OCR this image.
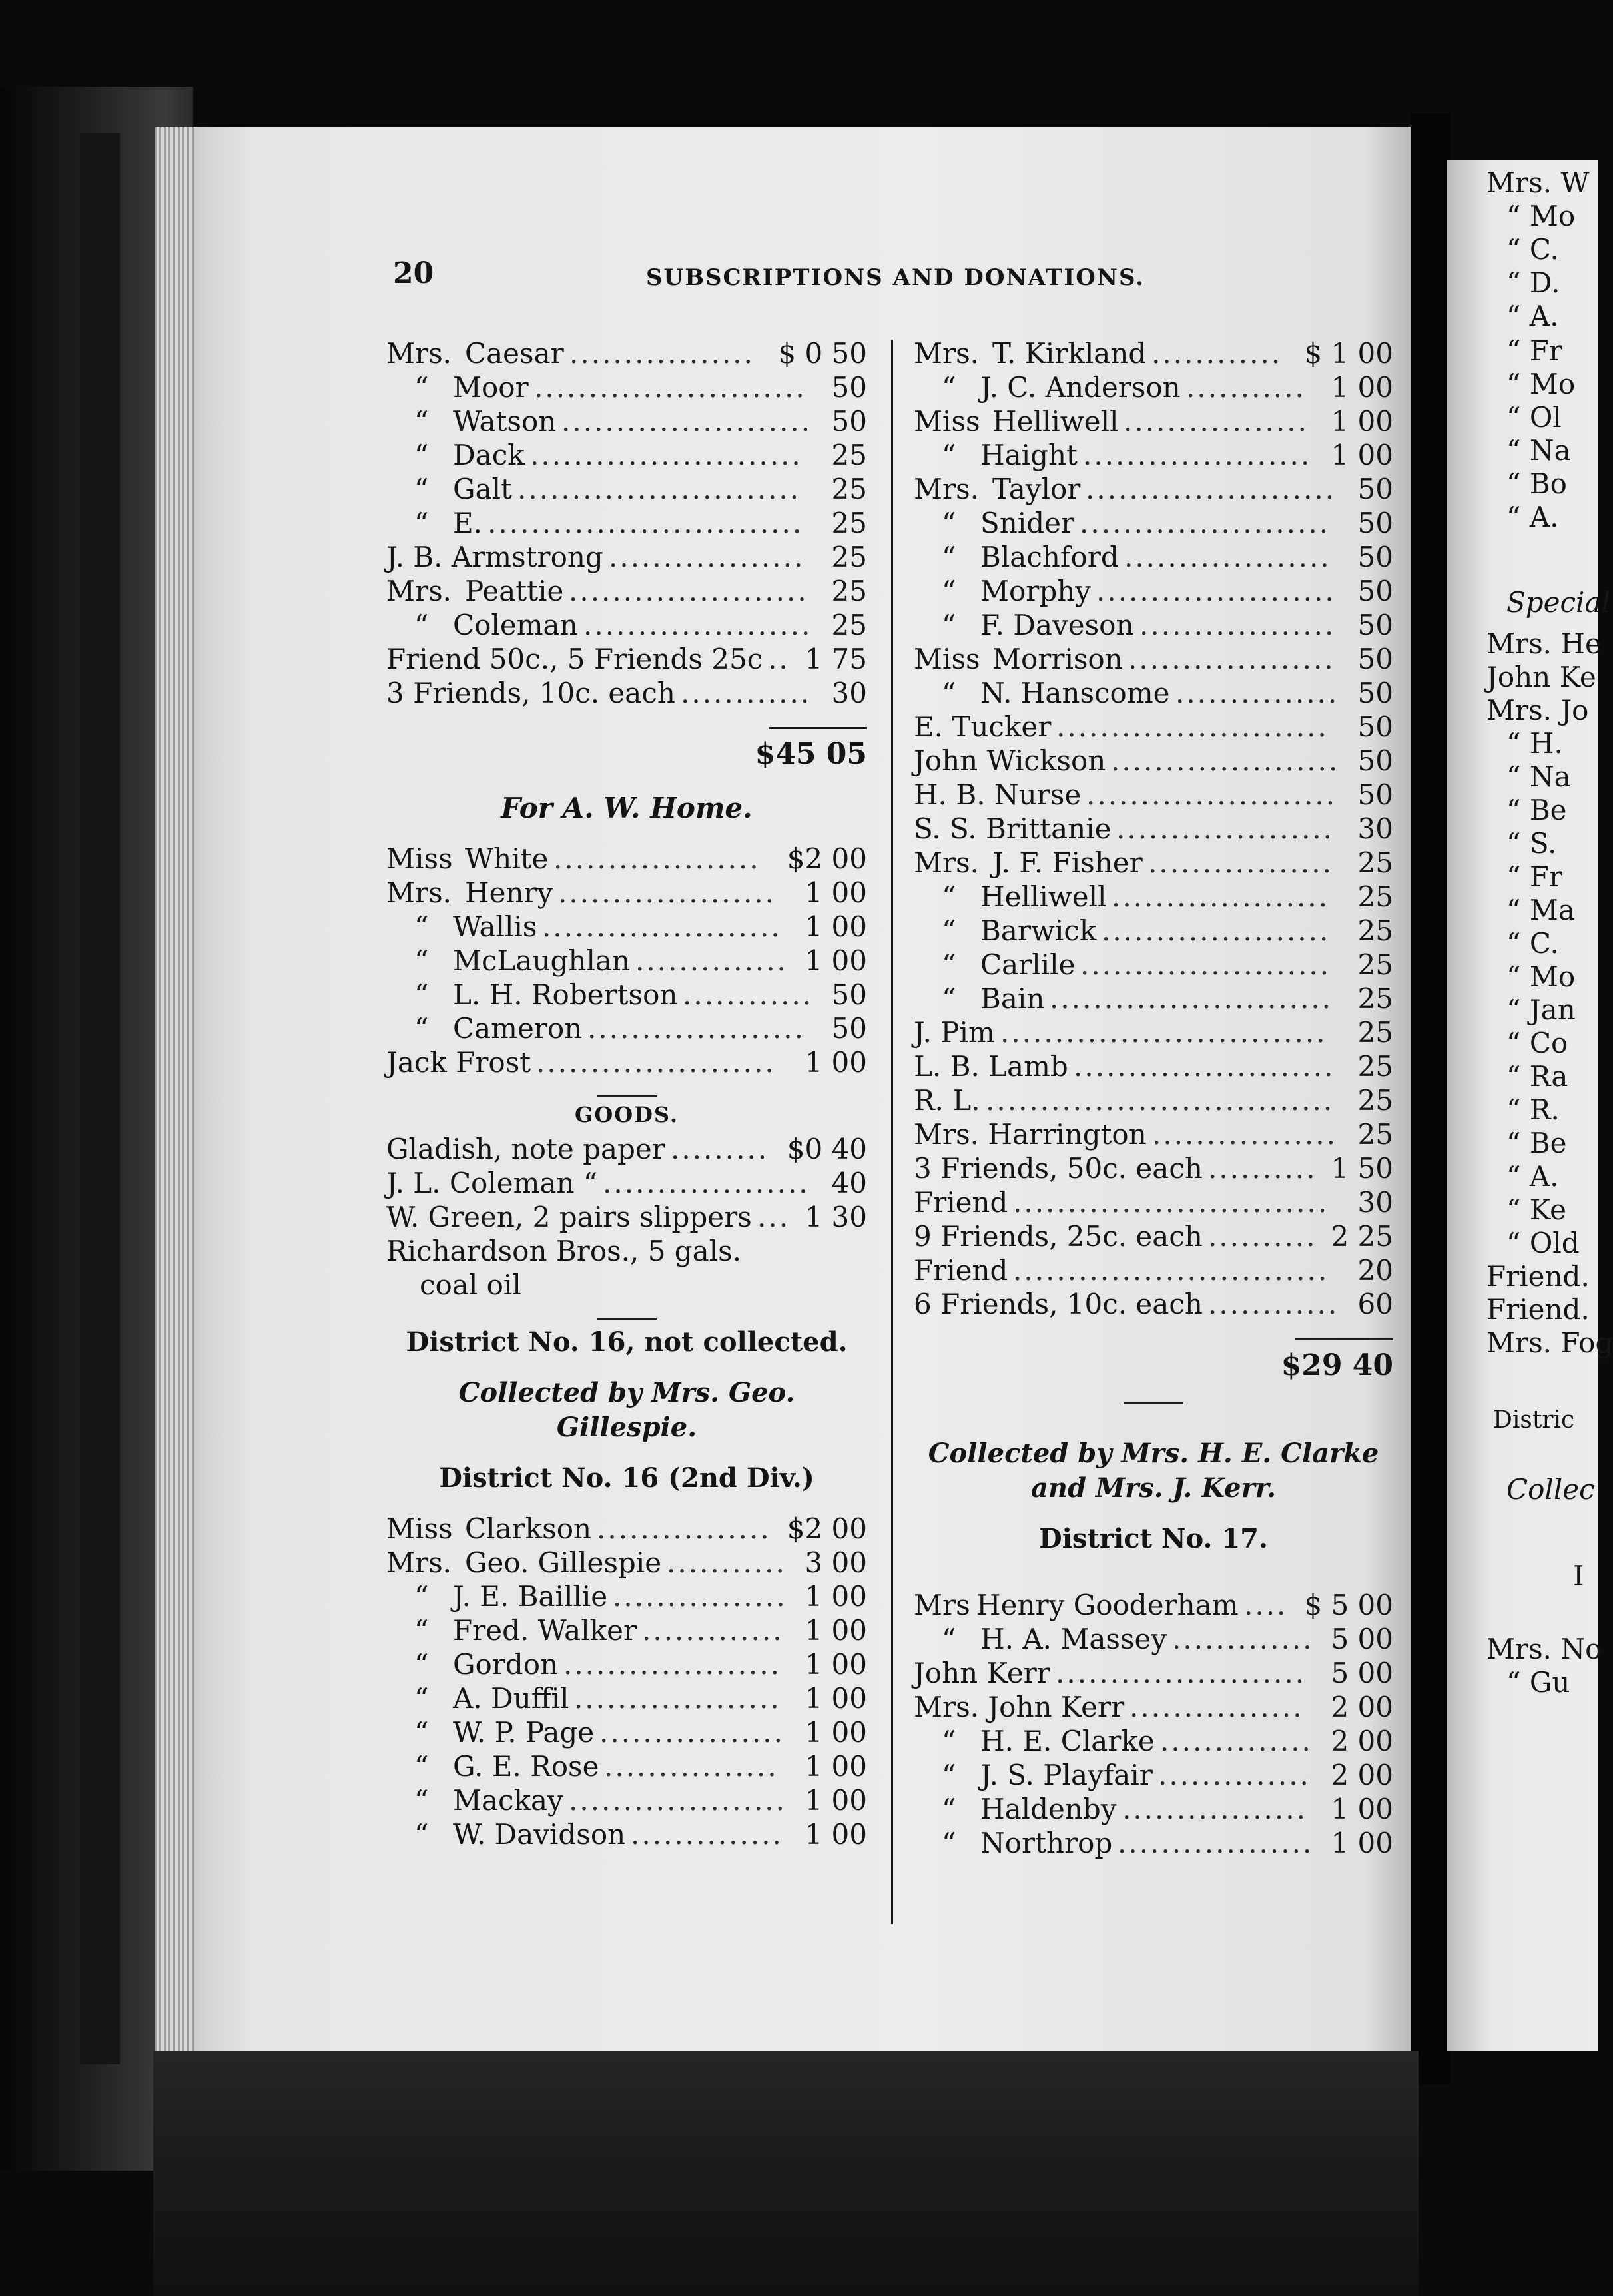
Mrs. W
“ Mo
“ C.
“ D.
“ A.
“ Fr
“ Mo
“ Ol
“ Na
“ Bo
“ A.
Special
Mrs. He
John Ke
Mrs. Jo
“ H.
“ Na
“ Be
“ S.
“ Fr
“ Ma
“ C.
“ Mo
“ Jan
“ Co
“ Ra
“ R.
“ Be
“ A.
“ Ke
“ Old
Friend.
Friend.
Mrs. Fog
Distric
Collec
I
Mrs. No
“ Gu
20	SUBSCRIPTIONS AND DONATIONS.
Mrs. Caesar	$ 0 50
.................
“ Moor	50
.........................
“ Watson	50
.......................
“ Dack	25
.........................
“ Galt	25
..........................
“ E.	25
.............................
J. B. Armstrong	25
..................
Mrs. Peattie	25
......................
“ Coleman	25
.....................
Friend 50c., 5 Friends 25c 1 75
..
3 Friends, 10c. each	30
............
$45 05
For A. W. Home.
Miss White	$2 00
...................
Mrs. Henry	1 00
....................
“ Wallis	1 00
......................
“ McLaughlan	1 00
..............
“ L. H. Robertson	50
............
“ Cameron	50
....................
Jack Frost	1 00
......................
GOODS.
Gladish, note paper	$0 40
.........
J. L. Coleman “	40
...................
W. Green, 2 pairs slippers 1 30
...
Richardson Bros., 5 gals.
coal oil
District No. 16, not collected.
Collected by Mrs. Geo. Gillespie.
District No. 16 (2nd Div.)
Miss Clarkson	$2 00
................
Mrs. Geo. Gillespie	3 00
...........
“ J. E. Baillie	1 00
................
“ Fred. Walker	1 00
.............
“ Gordon	1 00
....................
“ A. Duffil	1 00
...................
“ W. P. Page	1 00
.................
“ G. E. Rose	1 00
................
“ Mackay	1 00
....................
“ W. Davidson	1 00
..............
Mrs. T. Kirkland	$ 1 00
............
“ J. C. Anderson	1 00
...........
Miss Helliwell	1 00
.................
“ Haight	1 00
.....................
Mrs. Taylor	50
.......................
“ Snider	50
.......................
“ Blachford	50
...................
“ Morphy	50
......................
“ F. Daveson	50
..................
Miss Morrison	50
...................
“ N. Hanscome	50
...............
E. Tucker	50
.........................
John Wickson	50
.....................
H. B. Nurse	50
.......................
S. S. Brittanie	30
....................
Mrs. J. F. Fisher	25
.................
“ Helliwell	25
....................
“ Barwick	25
.....................
“ Carlile	25
.......................
“ Bain	25
..........................
J. Pim	25
..............................
L. B. Lamb	25
........................
R. L.	25
................................
Mrs. Harrington	25
.................
3 Friends, 50c. each	1 50
..........
Friend	30
.............................
9 Friends, 25c. each	2 25
..........
Friend	20
.............................
6 Friends, 10c. each	60
............
$29 40
Collected by Mrs. H. E. Clarke
and Mrs. J. Kerr.
District No. 17.
Mrs Henry Gooderham $ 5 00
....
“ H. A. Massey	5 00
.............
John Kerr	5 00
.......................
Mrs. John Kerr	2 00
................
“ H. E. Clarke	2 00
..............
“ J. S. Playfair	2 00
..............
“ Haldenby	1 00
.................
“ Northrop	1 00
..................
